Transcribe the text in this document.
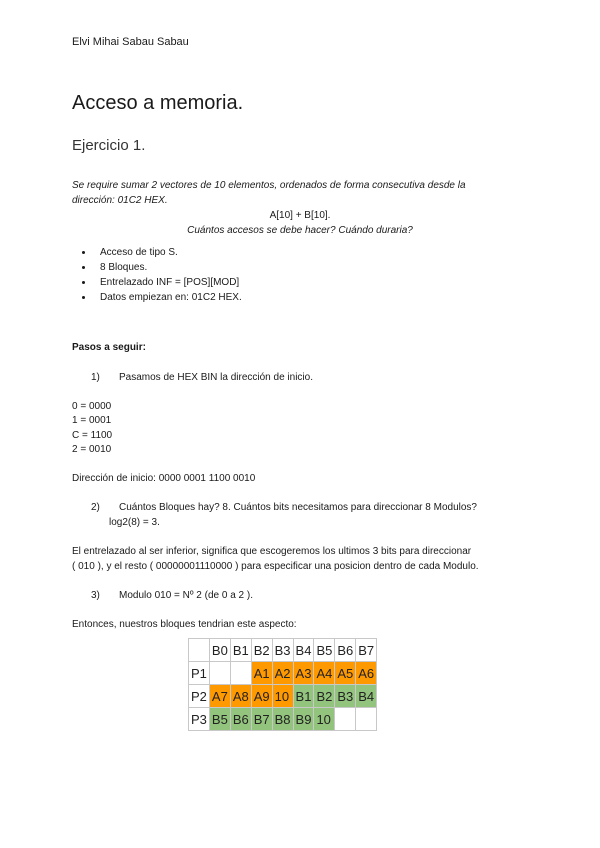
Elvi Mihai Sabau Sabau
Acceso a memoria.
Ejercicio 1.
Se require sumar 2 vectores de 10 elementos, ordenados de forma consecutiva desde la
dirección: 01C2 HEX.
A[10] + B[10].
Cuántos accesos se debe hacer? Cuándo duraria?
• Acceso de tipo S.
• 8 Bloques.
• Entrelazado INF = [POS][MOD]
• Datos empiezan en: 01C2 HEX.
Pasos a seguir:
1) Pasamos de HEX BIN la dirección de inicio.
0 = 0000
1 = 0001
C = 1100
2 = 0010
Dirección de inicio: 0000 0001 1100 0010
2) Cuántos Bloques hay? 8. Cuántos bits necesitamos para direccionar 8 Modulos?
log2(8) = 3.
El entrelazado al ser inferior, significa que escogeremos los ultimos 3 bits para direccionar
( 010 ), y el resto ( 00000001110000 ) para especificar una posicion dentro de cada Modulo.
3) Modulo 010 = Nº 2 (de 0 a 2 ).
Entonces, nuestros bloques tendrian este aspecto:
	B0	B1	B2	B3	B4	B5	B6	B7
P1			A1	A2	A3	A4	A5	A6
P2	A7	A8	A9	10	B1	B2	B3	B4
P3	B5	B6	B7	B8	B9	10		
